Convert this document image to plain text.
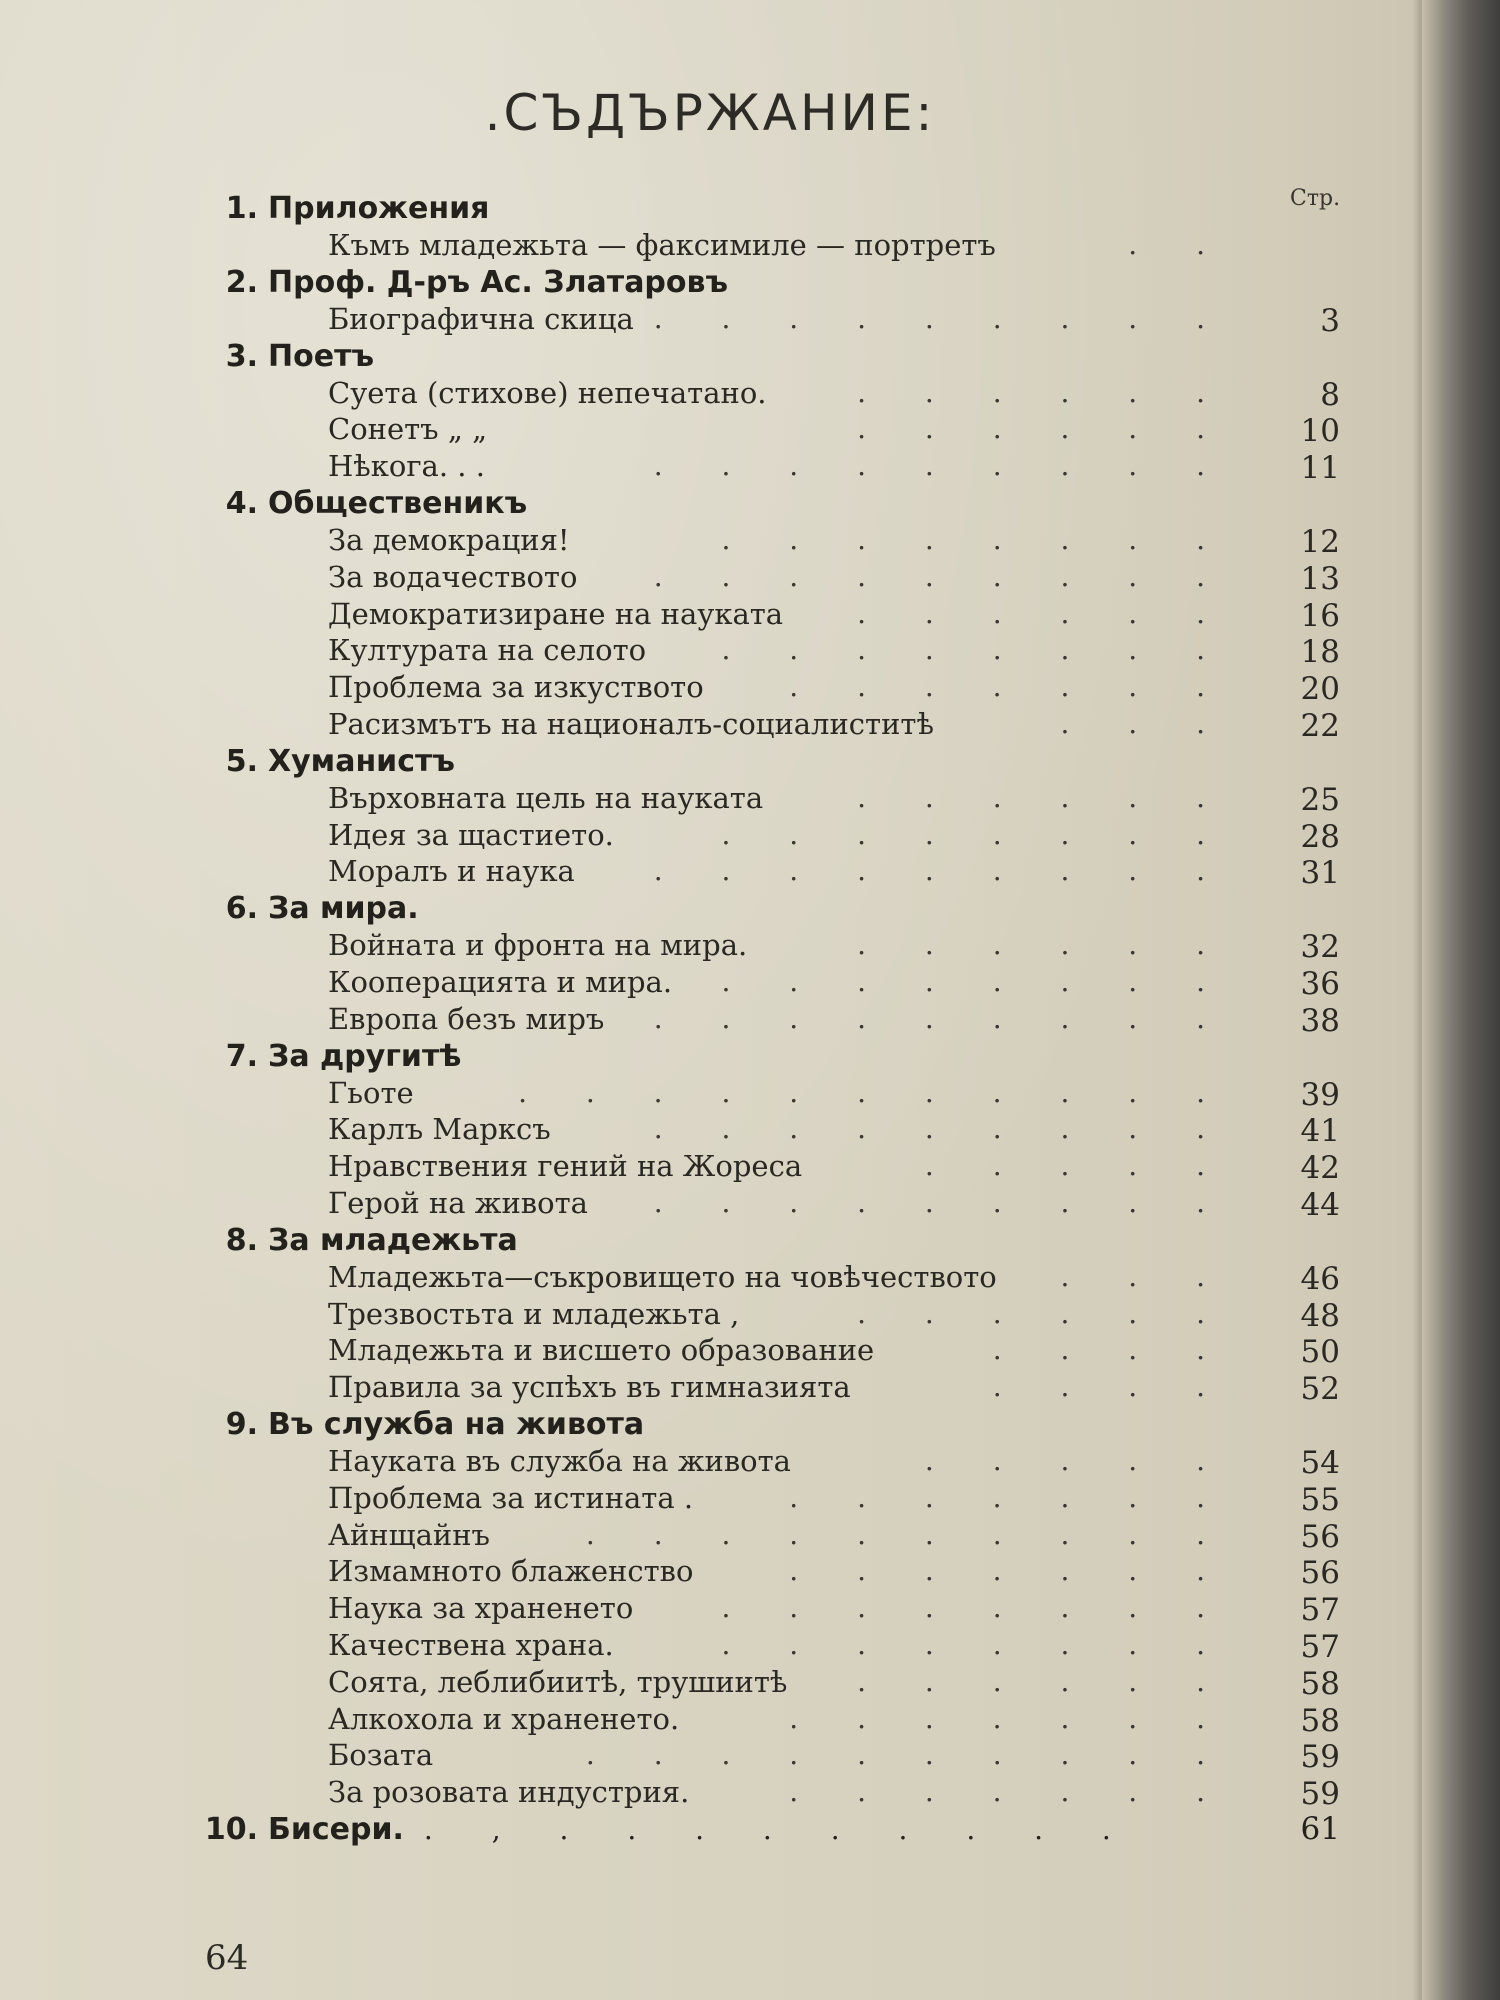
.СЪДЪРЖАНИЕ:
Стр.
1. Приложения
Къмъ младежьта — факсимиле — портретъ	. .
2. Проф. Д-ръ Ас. Златаровъ
Биографична скица . . . . . . . . .	3
3. Поетъ
Суета (стихове) непечатано.	. . . . . .	8
Сонетъ „ „	. . . . . .	10
Нѣкога. . .	. . . . . . . . .	11
4. Общественикъ
За демокрация!	. . . . . . . .	12
За водачеството	. . . . . . . . .	13
Демократизиране на науката	. . . . . .	16
Културата на селото	. . . . . . . .	18
Проблема за изкуството	. . . . . . .	20
Расизмътъ на националъ-социалиститѣ	. . .	22
5. Хуманистъ
Върховната цель на науката	. . . . . .	25
Идея за щастието.	. . . . . . . .	28
Моралъ и наука	. . . . . . . . .	31
6. За мира.
Войната и фронта на мира.	. . . . . .	32
Кооперацията и мира. . . . . . . . .	36
Европа безъ миръ . . . . . . . . .	38
7. За другитѣ
Гьоте	. . . . . . . . . . .	39
Карлъ Марксъ	. . . . . . . . .	41
Нравствения гений на Жореса	. . . . .	42
Герой на живота . . . . . . . . .	44
8. За младежьта
Младежьта—съкровището на човѣчеството . . .	46
Трезвостьта и младежьта ,	. . . . . .	48
Младежьта и висшето образование	. . . .	50
Правила за успѣхъ въ гимназията	. . . .	52
9. Въ служба на живота
Науката въ служба на живота	. . . . .	54
Проблема за истината .	. . . . . . .	55
Айнщайнъ	. . . . . . . . . .	56
Измамното блаженство	. . . . . . .	56
Наука за храненето	. . . . . . . .	57
Качествена храна.	. . . . . . . .	57
Соята, леблибиитѣ, трушиитѣ . . . . . .	58
Алкохола и храненето.	. . . . . . .	58
Бозата	. . . . . . . . . .	59
За розовата индустрия.	. . . . . . .	59
10. Бисери. . , . . . . . . . . .	61
64
